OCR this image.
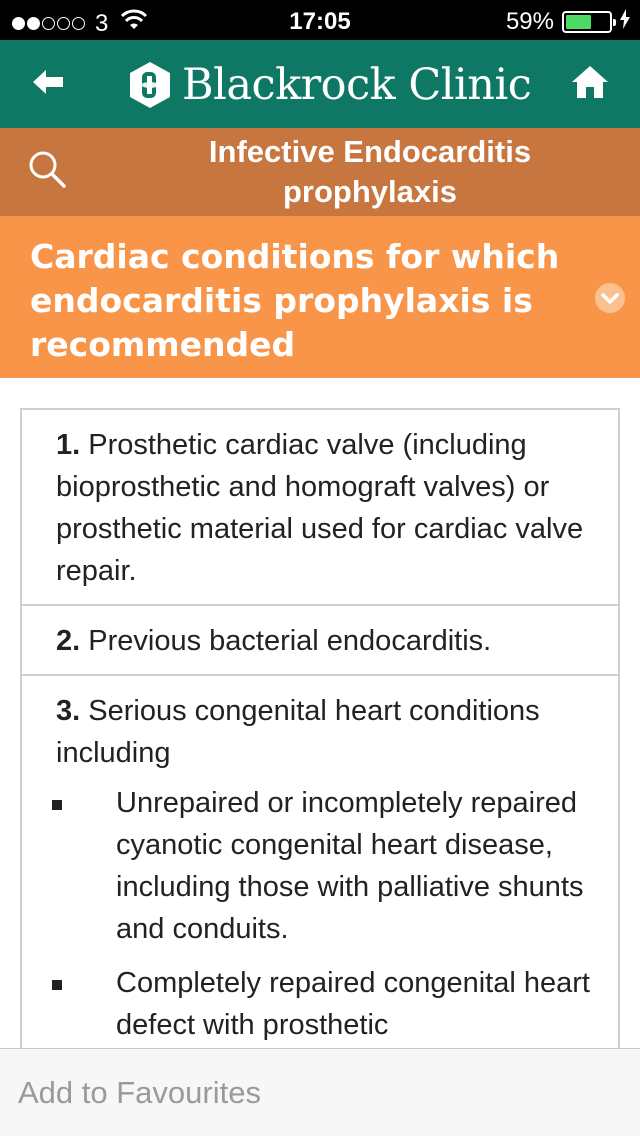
3	17:05	59%
Blackrock Clinic
Infective Endocarditis prophylaxis
Cardiac conditions for which endocarditis prophylaxis is recommended
1. Prosthetic cardiac valve (including bioprosthetic and homograft valves) or prosthetic material used for cardiac valve repair.
2. Previous bacterial endocarditis.
3. Serious congenital heart conditions including
Unrepaired or incompletely repaired cyanotic congenital heart disease, including those with palliative shunts and conduits.
Completely repaired congenital heart defect with prosthetic
Add to Favourites
